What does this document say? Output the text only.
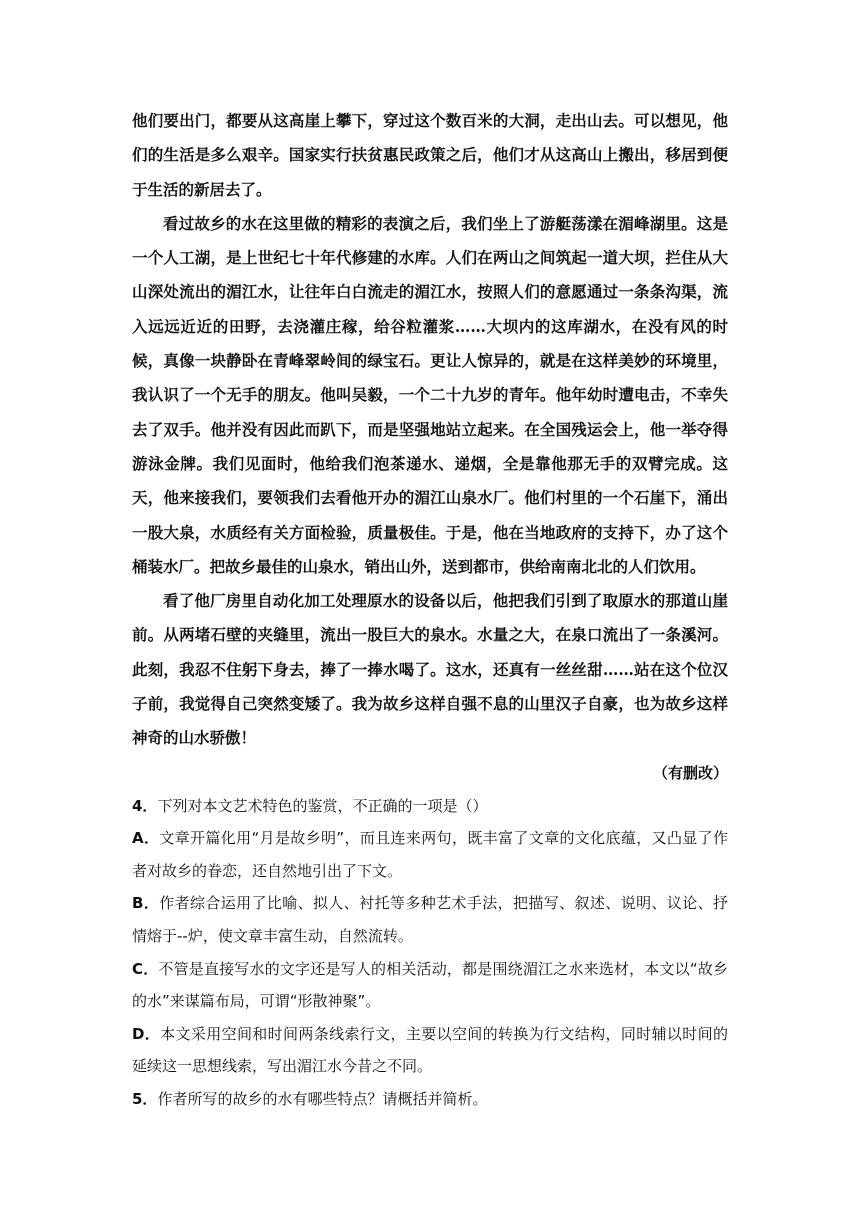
他们要出门，都要从这高崖上攀下，穿过这个数百米的大洞，走出山去。可以想见，他们的生活是多么艰辛。国家实行扶贫惠民政策之后，他们才从这高山上搬出，移居到便于生活的新居去了。

看过故乡的水在这里做的精彩的表演之后，我们坐上了游艇荡漾在湄峰湖里。这是一个人工湖，是上世纪七十年代修建的水库。人们在两山之间筑起一道大坝，拦住从大山深处流出的湄江水，让往年白白流走的湄江水，按照人们的意愿通过一条条沟渠，流入远远近近的田野，去浇灌庄稼，给谷粒灌浆……大坝内的这库湖水，在没有风的时候，真像一块静卧在青峰翠岭间的绿宝石。更让人惊异的，就是在这样美妙的环境里，我认识了一个无手的朋友。他叫吴毅，一个二十九岁的青年。他年幼时遭电击，不幸失去了双手。他并没有因此而趴下，而是坚强地站立起来。在全国残运会上，他一举夺得游泳金牌。我们见面时，他给我们泡茶递水、递烟，全是靠他那无手的双臂完成。这天，他来接我们，要领我们去看他开办的湄江山泉水厂。他们村里的一个石崖下，涌出一股大泉，水质经有关方面检验，质量极佳。于是，他在当地政府的支持下，办了这个桶装水厂。把故乡最佳的山泉水，销出山外，送到都市，供给南南北北的人们饮用。

看了他厂房里自动化加工处理原水的设备以后，他把我们引到了取原水的那道山崖前。从两堵石壁的夹缝里，流出一股巨大的泉水。水量之大，在泉口流出了一条溪河。此刻，我忍不住躬下身去，捧了一捧水喝了。这水，还真有一丝丝甜……站在这个位汉子前，我觉得自己突然变矮了。我为故乡这样自强不息的山里汉子自豪，也为故乡这样神奇的山水骄傲！

（有删改）

4．下列对本文艺术特色的鉴赏，不正确的一项是（）

A．文章开篇化用“月是故乡明”，而且连来两句，既丰富了文章的文化底蕴，又凸显了作者对故乡的眷恋，还自然地引出了下文。

B．作者综合运用了比喻、拟人、衬托等多种艺术手法，把描写、叙述、说明、议论、抒情熔于--炉，使文章丰富生动，自然流转。

C．不管是直接写水的文字还是写人的相关活动，都是围绕湄江之水来选材，本文以“故乡的水”来谋篇布局，可谓“形散神聚”。

D．本文采用空间和时间两条线索行文，主要以空间的转换为行文结构，同时辅以时间的延续这一思想线索，写出湄江水今昔之不同。

5．作者所写的故乡的水有哪些特点？请概括并简析。
